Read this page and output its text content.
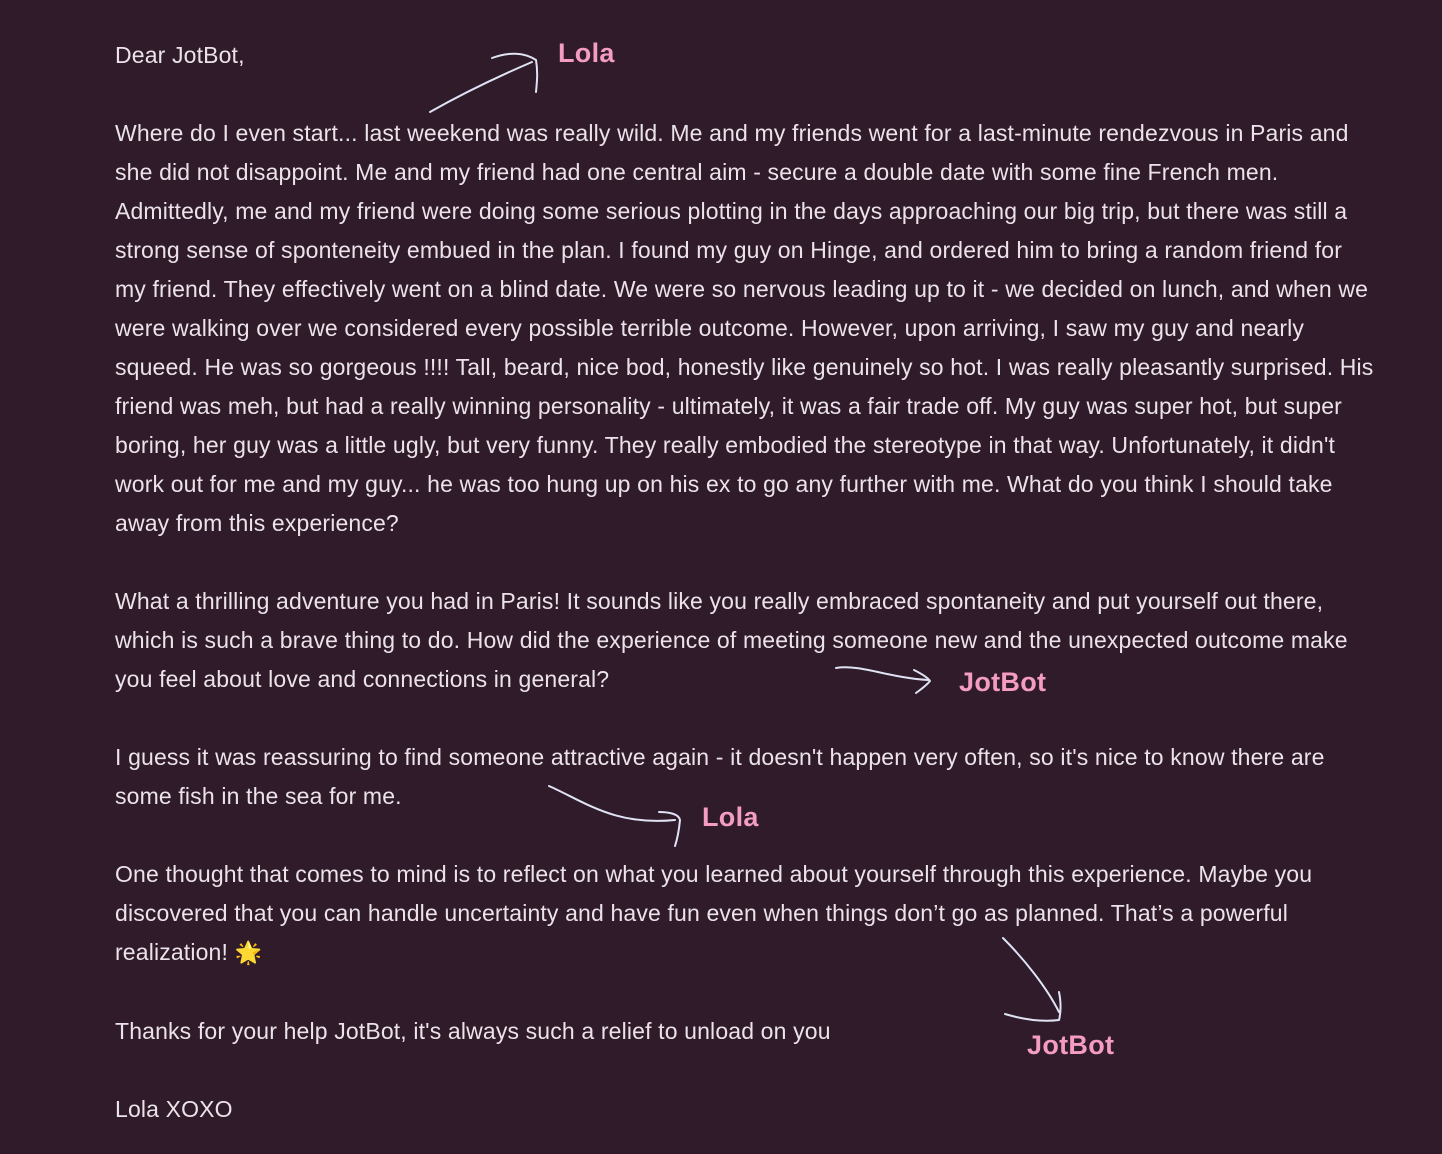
Dear JotBot,

Where do I even start... last weekend was really wild. Me and my friends went for a last-minute rendezvous in Paris and she did not disappoint. Me and my friend had one central aim - secure a double date with some fine French men. Admittedly, me and my friend were doing some serious plotting in the days approaching our big trip, but there was still a strong sense of sponteneity embued in the plan. I found my guy on Hinge, and ordered him to bring a random friend for my friend. They effectively went on a blind date. We were so nervous leading up to it - we decided on lunch, and when we were walking over we considered every possible terrible outcome. However, upon arriving, I saw my guy and nearly squeed. He was so gorgeous !!!! Tall, beard, nice bod, honestly like genuinely so hot. I was really pleasantly surprised. His friend was meh, but had a really winning personality - ultimately, it was a fair trade off. My guy was super hot, but super boring, her guy was a little ugly, but very funny. They really embodied the stereotype in that way. Unfortunately, it didn't work out for me and my guy... he was too hung up on his ex to go any further with me. What do you think I should take away from this experience?

What a thrilling adventure you had in Paris! It sounds like you really embraced spontaneity and put yourself out there, which is such a brave thing to do. How did the experience of meeting someone new and the unexpected outcome make you feel about love and connections in general?

I guess it was reassuring to find someone attractive again - it doesn't happen very often, so it's nice to know there are some fish in the sea for me.

One thought that comes to mind is to reflect on what you learned about yourself through this experience. Maybe you discovered that you can handle uncertainty and have fun even when things don’t go as planned. That’s a powerful realization! 🌟

Thanks for your help JotBot, it's always such a relief to unload on you

Lola XOXO

Lola
JotBot
Lola
JotBot
